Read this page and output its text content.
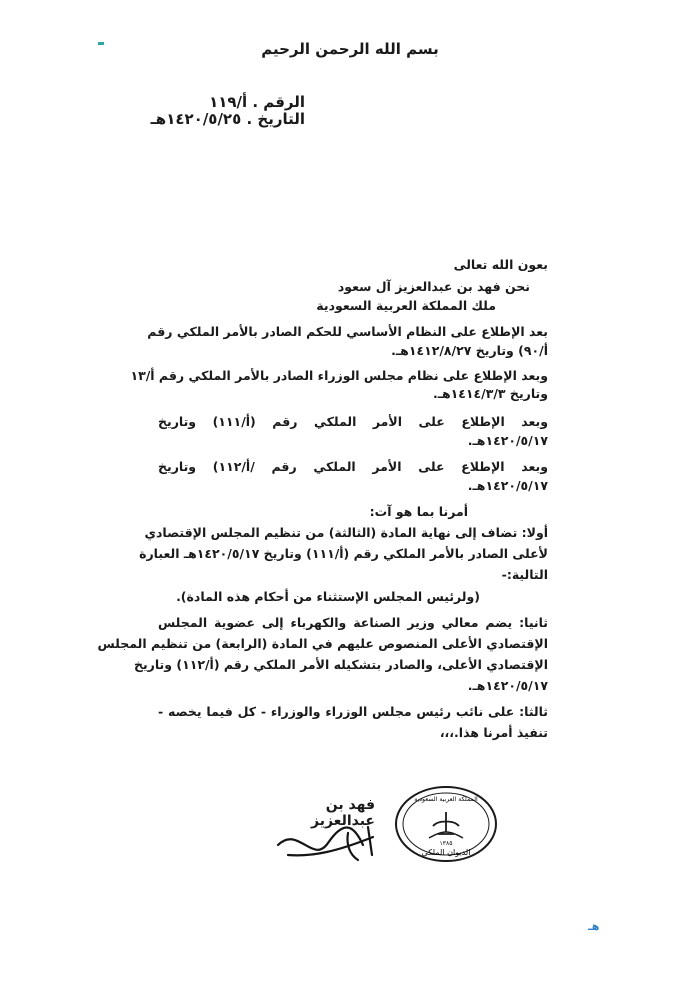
بسم الله الرحمن الرحيم
الرقم . أ/١١٩
التاريخ . ١٤٢٠/٥/٢٥هـ
بعون الله تعالى
نحن فهد بن عبدالعزيز آل سعود
ملك المملكة العربية السعودية
بعد الإطلاع على النظام الأساسي للحكم الصادر بالأمر الملكي رقم
أ/٩٠) وتاريخ ١٤١٢/٨/٢٧هـ.
وبعد الإطلاع على نظام مجلس الوزراء الصادر بالأمر الملكي رقم أ/١٣
وتاريخ ١٤١٤/٣/٣هـ.
وبعد الإطلاع على الأمر الملكي رقم (أ/١١١) وتاريخ
١٤٢٠/٥/١٧هـ.
وبعد الإطلاع على الأمر الملكي رقم /أ/١١٢) وتاريخ
١٤٢٠/٥/١٧هـ.
أمرنا بما هو آت:
أولا: تضاف إلى نهاية المادة (الثالثة) من تنظيم المجلس الإقتصادي
لأعلى الصادر بالأمر الملكي رقم (أ/١١١) وتاريخ ١٤٢٠/٥/١٧هـ العبارة
التالية:-
(ولرئيس المجلس الإستثناء من أحكام هذه المادة).
ثانيا: يضم معالي وزير الصناعة والكهرباء إلى عضوية المجلس
الإقتصادي الأعلى المنصوص عليهم في المادة (الرابعة) من تنظيم المجلس
الإقتصادي الأعلى، والصادر بتشكيله الأمر الملكي رقم (أ/١١٢) وتاريخ
١٤٢٠/٥/١٧هـ.
ثالثا: على نائب رئيس مجلس الوزراء والوزراء - كل فيما يخصه -
تنفيذ أمرنا هذا.،،،
فهد بن عبدالعزيز
المملكة العربية السعودية
١٣٨٥
الديوان الملكي
هـ
